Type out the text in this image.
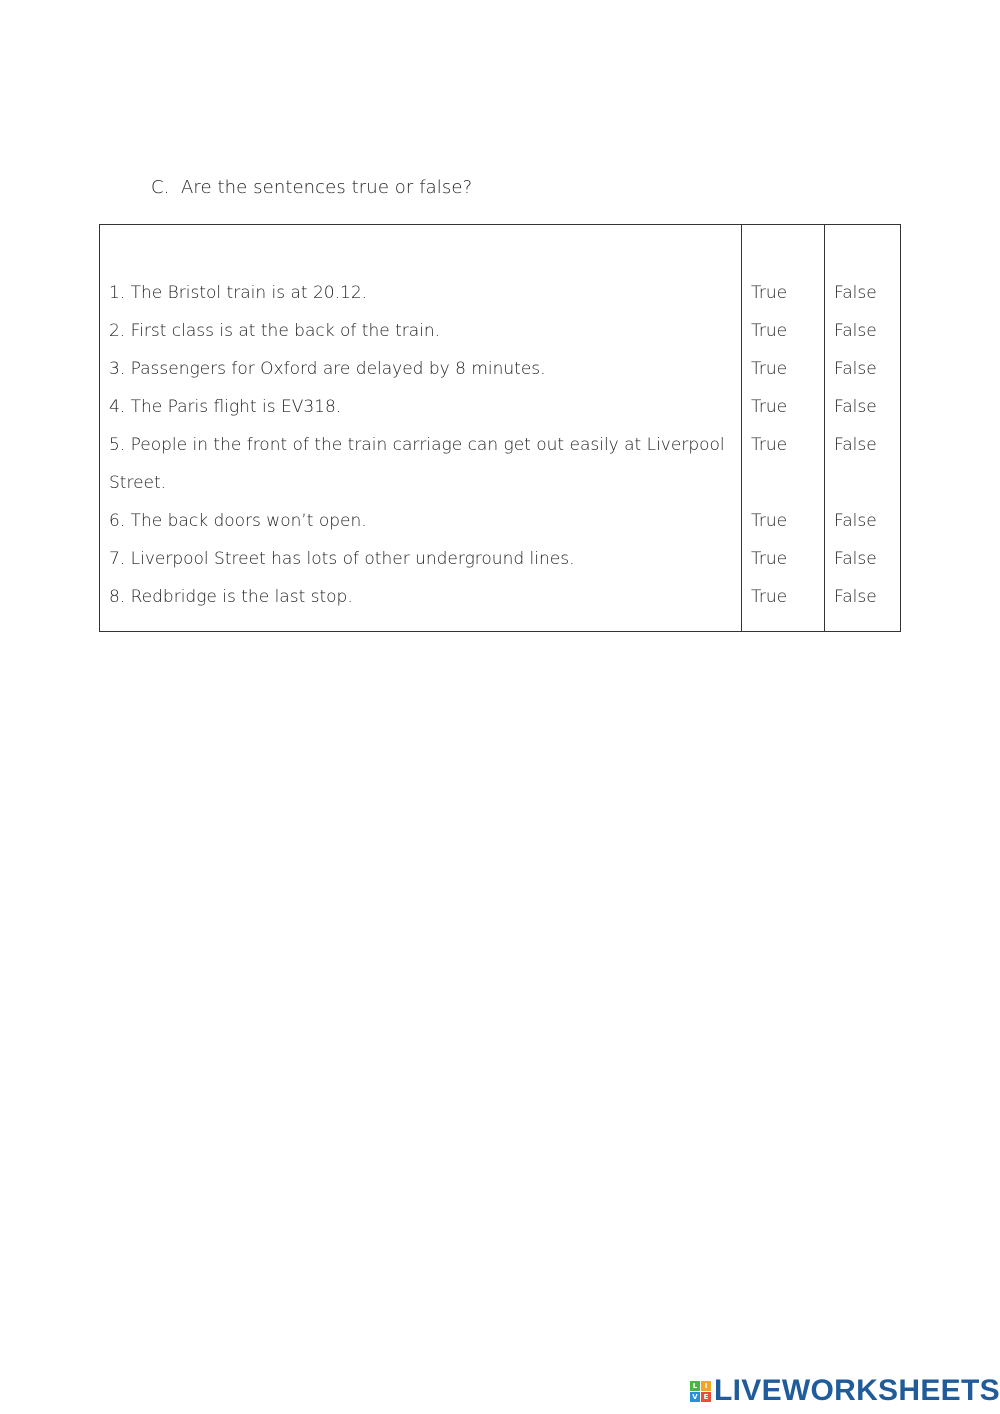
C. Are the sentences true or false?
1. The Bristol train is at 20.12.	True	False
2. First class is at the back of the train.	True	False
3. Passengers for Oxford are delayed by 8 minutes.	True	False
4. The Paris flight is EV318.	True	False
5. People in the front of the train carriage can get out easily at Liverpool True	False
Street.
6. The back doors won’t open.	True	False
7. Liverpool Street has lots of other underground lines.	True	False
8. Redbridge is the last stop.	True	False
L	I
V E LIVEWORKSHEETS
